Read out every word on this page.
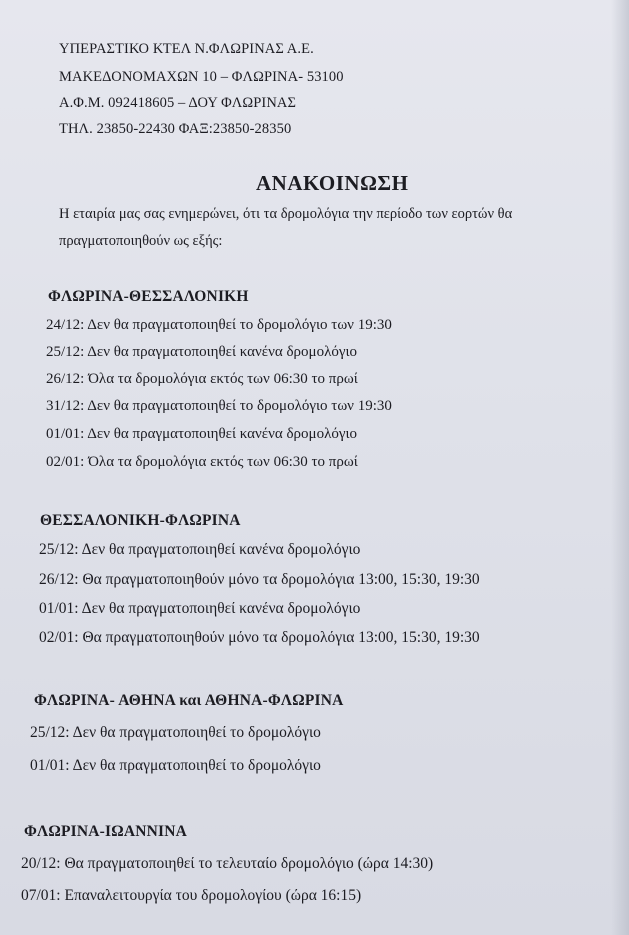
ΥΠΕΡΑΣΤΙΚΟ ΚΤΕΛ Ν.ΦΛΩΡΙΝΑΣ Α.Ε.
ΜΑΚΕΔΟΝΟΜΑΧΩΝ 10 – ΦΛΩΡΙΝΑ- 53100
Α.Φ.Μ. 092418605 – ΔΟΥ ΦΛΩΡΙΝΑΣ
ΤΗΛ. 23850-22430 ΦΑΞ:23850-28350
ΑΝΑΚΟΙΝΩΣΗ
Η εταιρία μας σας ενημερώνει, ότι τα δρομολόγια την περίοδο των εορτών θα
πραγματοποιηθούν ως εξής:
ΦΛΩΡΙΝΑ-ΘΕΣΣΑΛΟΝΙΚΗ
24/12: Δεν θα πραγματοποιηθεί το δρομολόγιο των 19:30
25/12: Δεν θα πραγματοποιηθεί κανένα δρομολόγιο
26/12: Όλα τα δρομολόγια εκτός των 06:30 το πρωί
31/12: Δεν θα πραγματοποιηθεί το δρομολόγιο των 19:30
01/01: Δεν θα πραγματοποιηθεί κανένα δρομολόγιο
02/01: Όλα τα δρομολόγια εκτός των 06:30 το πρωί
ΘΕΣΣΑΛΟΝΙΚΗ-ΦΛΩΡΙΝΑ
25/12: Δεν θα πραγματοποιηθεί κανένα δρομολόγιο
26/12: Θα πραγματοποιηθούν μόνο τα δρομολόγια 13:00, 15:30, 19:30
01/01: Δεν θα πραγματοποιηθεί κανένα δρομολόγιο
02/01: Θα πραγματοποιηθούν μόνο τα δρομολόγια 13:00, 15:30, 19:30
ΦΛΩΡΙΝΑ- ΑΘΗΝΑ και ΑΘΗΝΑ-ΦΛΩΡΙΝΑ
25/12: Δεν θα πραγματοποιηθεί το δρομολόγιο
01/01: Δεν θα πραγματοποιηθεί το δρομολόγιο
ΦΛΩΡΙΝΑ-ΙΩΑΝΝΙΝΑ
20/12: Θα πραγματοποιηθεί το τελευταίο δρομολόγιο (ώρα 14:30)
07/01: Επαναλειτουργία του δρομολογίου (ώρα 16:15)
